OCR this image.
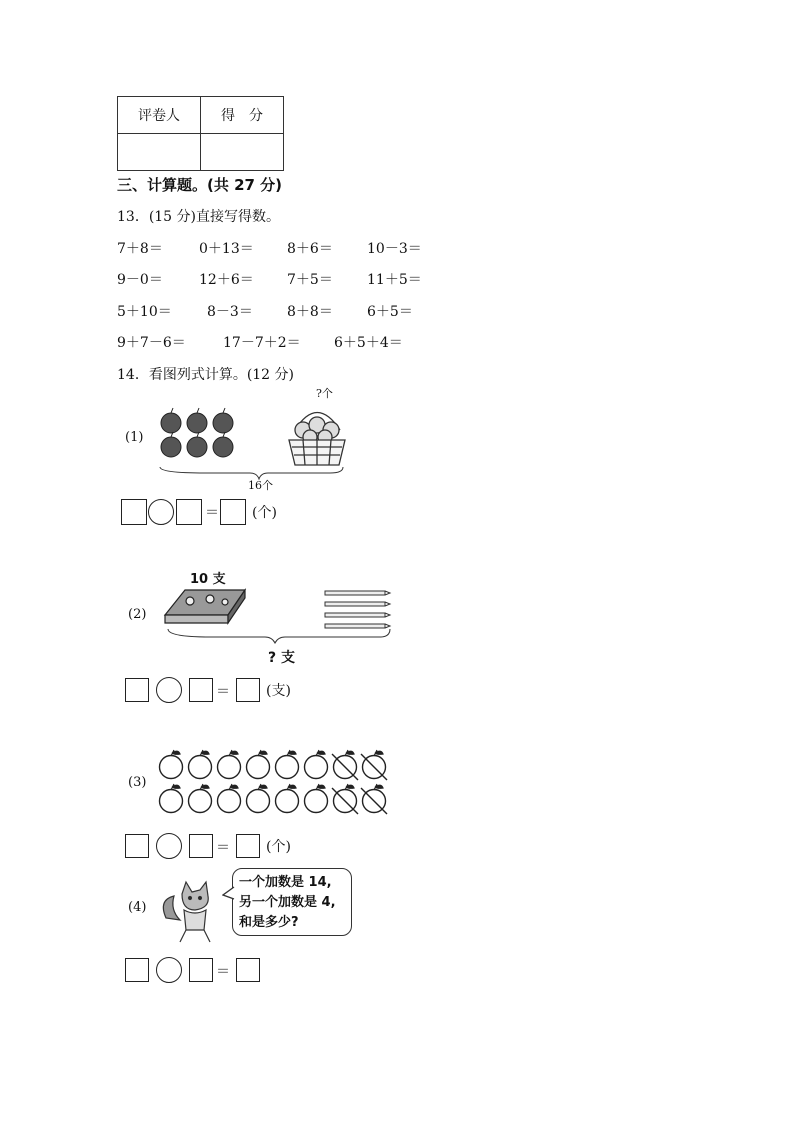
评卷人	得　分

三、计算题。(共 27 分)
13．(15 分)直接写得数。
7＋8＝	0＋13＝ 8＋6＝ 10－3＝
9－0＝	12＋6＝ 7＋5＝ 11＋5＝
5＋10＝	8－3＝ 8＋8＝ 6＋5＝
9＋7－6＝	17－7＋2＝ 6＋5＋4＝
14．看图列式计算。(12 分)
(1)
?个
16个
＝ (个)
10 支
(2)
? 支
＝	(支)
(3)
＝	(个)
(4)
一个加数是 14,
另一个加数是 4,
和是多少?
＝
